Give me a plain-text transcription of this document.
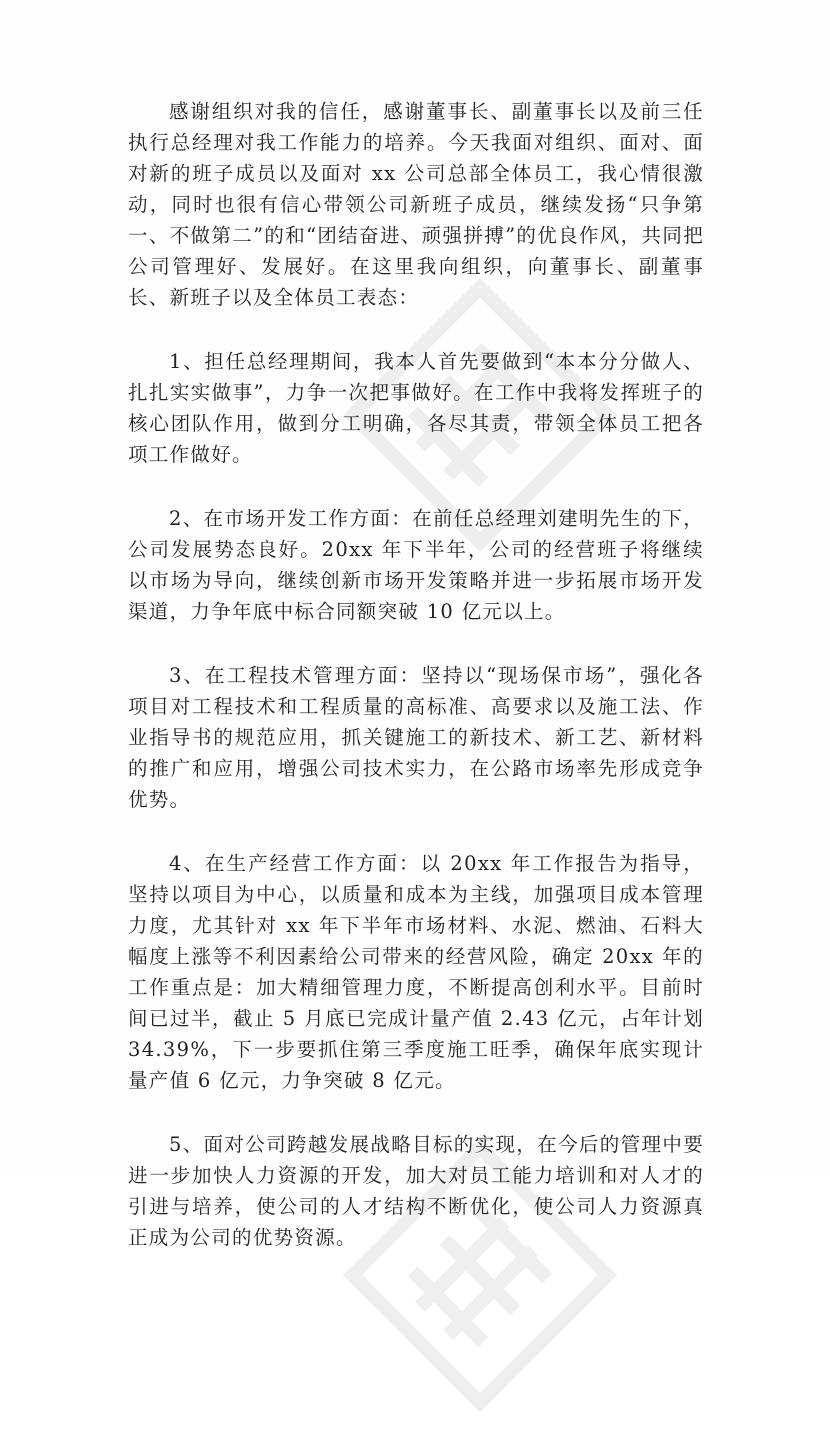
感谢组织对我的信任，感谢董事长、副董事长以及前三任执行总经理对我工作能力的培养。今天我面对组织、面对、面对新的班子成员以及面对 xx 公司总部全体员工，我心情很激动，同时也很有信心带领公司新班子成员，继续发扬“只争第一、不做第二”的和“团结奋进、顽强拼搏”的优良作风，共同把公司管理好、发展好。在这里我向组织，向董事长、副董事长、新班子以及全体员工表态：

1、担任总经理期间，我本人首先要做到“本本分分做人、扎扎实实做事”，力争一次把事做好。在工作中我将发挥班子的核心团队作用，做到分工明确，各尽其责，带领全体员工把各项工作做好。

2、在市场开发工作方面：在前任总经理刘建明先生的下，公司发展势态良好。20xx 年下半年，公司的经营班子将继续以市场为导向，继续创新市场开发策略并进一步拓展市场开发渠道，力争年底中标合同额突破 10 亿元以上。

3、在工程技术管理方面：坚持以“现场保市场”，强化各项目对工程技术和工程质量的高标准、高要求以及施工法、作业指导书的规范应用，抓关键施工的新技术、新工艺、新材料的推广和应用，增强公司技术实力，在公路市场率先形成竞争优势。

4、在生产经营工作方面：以 20xx 年工作报告为指导，坚持以项目为中心，以质量和成本为主线，加强项目成本管理力度，尤其针对 xx 年下半年市场材料、水泥、燃油、石料大幅度上涨等不利因素给公司带来的经营风险，确定 20xx 年的工作重点是：加大精细管理力度，不断提高创利水平。目前时间已过半，截止 5 月底已完成计量产值 2.43 亿元，占年计划 34.39%，下一步要抓住第三季度施工旺季，确保年底实现计量产值 6 亿元，力争突破 8 亿元。

5、面对公司跨越发展战略目标的实现，在今后的管理中要进一步加快人力资源的开发，加大对员工能力培训和对人才的引进与培养，使公司的人才结构不断优化，使公司人力资源真正成为公司的优势资源。
